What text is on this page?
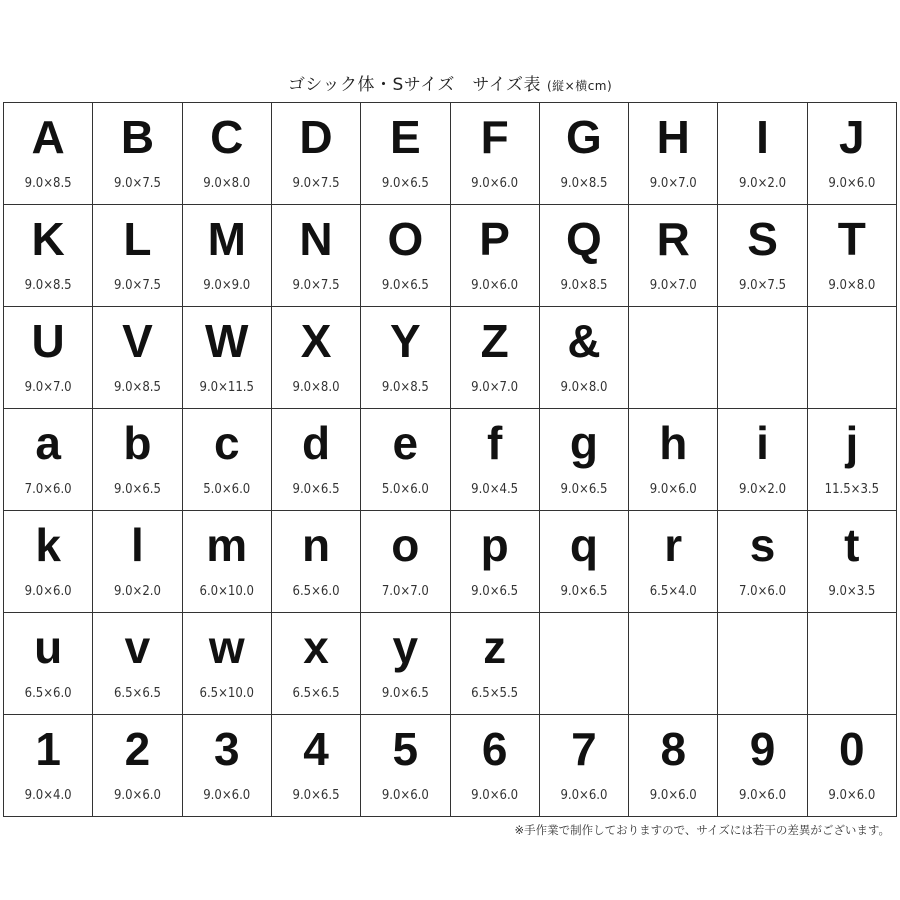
ゴシック体・Sサイズ　サイズ表 (縦×横cm)
A
9.0×8.5
B
9.0×7.5
C
9.0×8.0
D
9.0×7.5
E
9.0×6.5
F
9.0×6.0
G
9.0×8.5
H
9.0×7.0
I
9.0×2.0
J
9.0×6.0
K
9.0×8.5
L
9.0×7.5
M
9.0×9.0
N
9.0×7.5
O
9.0×6.5
P
9.0×6.0
Q
9.0×8.5
R
9.0×7.0
S
9.0×7.5
T
9.0×8.0
U
9.0×7.0
V
9.0×8.5
W
9.0×11.5
X
9.0×8.0
Y
9.0×8.5
Z
9.0×7.0
&
9.0×8.0
a
7.0×6.0
b
9.0×6.5
c
5.0×6.0
d
9.0×6.5
e
5.0×6.0
f
9.0×4.5
g
9.0×6.5
h
9.0×6.0
i
9.0×2.0
j
11.5×3.5
k
9.0×6.0
l
9.0×2.0
m
6.0×10.0
n
6.5×6.0
o
7.0×7.0
p
9.0×6.5
q
9.0×6.5
r
6.5×4.0
s
7.0×6.0
t
9.0×3.5
u
6.5×6.0
v
6.5×6.5
w
6.5×10.0
x
6.5×6.5
y
9.0×6.5
z
6.5×5.5
1
9.0×4.0
2
9.0×6.0
3
9.0×6.0
4
9.0×6.5
5
9.0×6.0
6
9.0×6.0
7
9.0×6.0
8
9.0×6.0
9
9.0×6.0
0
9.0×6.0
※手作業で制作しておりますので、サイズには若干の差異がございます。
